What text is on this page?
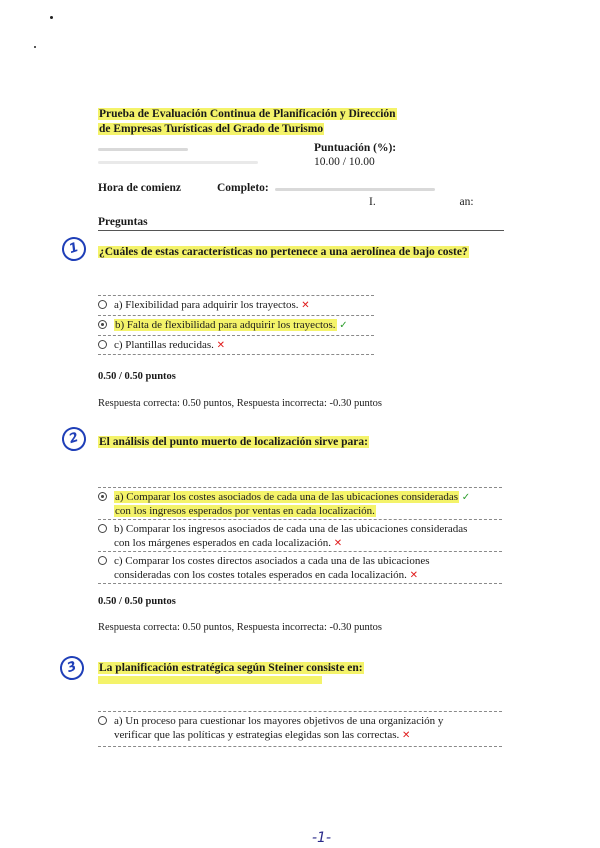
Prueba de Evaluación Continua de Planificación y Dirección
de Empresas Turísticas del Grado de Turismo
Puntuación (%):
10.00 / 10.00
Hora de comienz	Completo:
I.	an:
Preguntas
1	¿Cuáles de estas características no pertenece a una aerolínea de bajo coste?
a) Flexibilidad para adquirir los trayectos. ✕
b) Falta de flexibilidad para adquirir los trayectos. ✓
c) Plantillas reducidas. ✕
0.50 / 0.50 puntos
Respuesta correcta: 0.50 puntos, Respuesta incorrecta: -0.30 puntos
2	El análisis del punto muerto de localización sirve para:
a) Comparar los costes asociados de cada una de las ubicaciones consideradas ✓
con los ingresos esperados por ventas en cada localización.
b) Comparar los ingresos asociados de cada una de las ubicaciones consideradas
con los márgenes esperados en cada localización. ✕
c) Comparar los costes directos asociados a cada una de las ubicaciones
consideradas con los costes totales esperados en cada localización. ✕
0.50 / 0.50 puntos
Respuesta correcta: 0.50 puntos, Respuesta incorrecta: -0.30 puntos
3	La planificación estratégica según Steiner consiste en:
a) Un proceso para cuestionar los mayores objetivos de una organización y
verificar que las políticas y estrategias elegidas son las correctas. ✕
-1-
